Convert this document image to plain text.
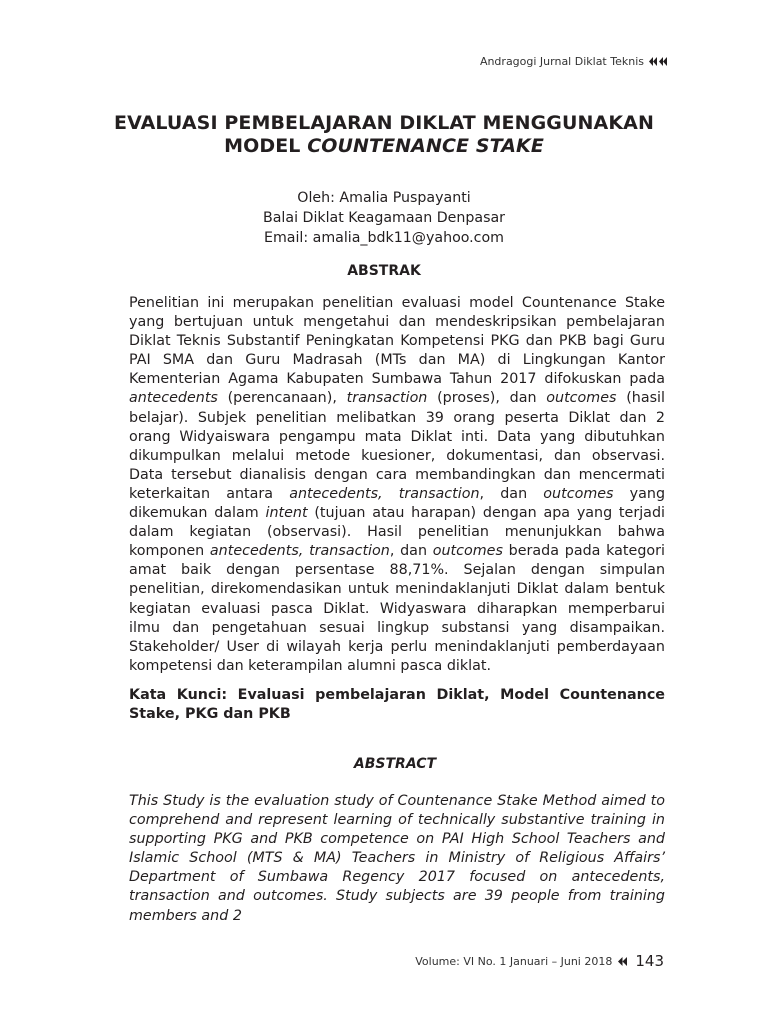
Andragogi Jurnal Diklat Teknis
EVALUASI PEMBELAJARAN DIKLAT MENGGUNAKAN
MODEL COUNTENANCE STAKE
Oleh: Amalia Puspayanti
Balai Diklat Keagamaan Denpasar
Email: amalia_bdk11@yahoo.com
ABSTRAK

Penelitian ini merupakan penelitian evaluasi model Countenance Stake yang bertujuan untuk mengetahui dan mendeskripsikan pembelajaran Diklat Teknis Substantif Peningkatan Kompetensi PKG dan PKB bagi Guru PAI SMA dan Guru Madrasah (MTs dan MA) di Lingkungan Kantor Kementerian Agama Kabupaten Sumbawa Tahun 2017 difokuskan pada antecedents (perencanaan), transaction (proses), dan outcomes (hasil belajar). Subjek penelitian melibatkan 39 orang peserta Diklat dan 2 orang Widyaiswara pengampu mata Diklat inti. Data yang dibutuhkan dikumpulkan melalui metode kuesioner, dokumentasi, dan observasi. Data tersebut dianalisis dengan cara membandingkan dan mencermati keterkaitan antara antecedents, transaction, dan outcomes yang dikemukan dalam intent (tujuan atau harapan) dengan apa yang terjadi dalam kegiatan (observasi). Hasil penelitian menunjukkan bahwa komponen antecedents, transaction, dan outcomes berada pada kategori amat baik dengan persentase 88,71%. Sejalan dengan simpulan penelitian, direkomendasikan untuk menindaklanjuti Diklat dalam bentuk kegiatan evaluasi pasca Diklat. Widyaswara diharapkan memperbarui ilmu dan pengetahuan sesuai lingkup substansi yang disampaikan. Stakeholder/ User di wilayah kerja perlu menindaklanjuti pemberdayaan kompetensi dan keterampilan alumni pasca diklat.

Kata Kunci: Evaluasi pembelajaran Diklat, Model Countenance Stake, PKG dan PKB

ABSTRACT

This Study is the evaluation study of Countenance Stake Method aimed to comprehend and represent learning of technically substantive training in supporting PKG and PKB competence on PAI High School Teachers and Islamic School (MTS & MA) Teachers in Ministry of Religious Affairs’ Department of Sumbawa Regency 2017 focused on antecedents, transaction and outcomes. Study subjects are 39 people from training members and 2

Volume: VI No. 1 Januari – Juni 2018 143
